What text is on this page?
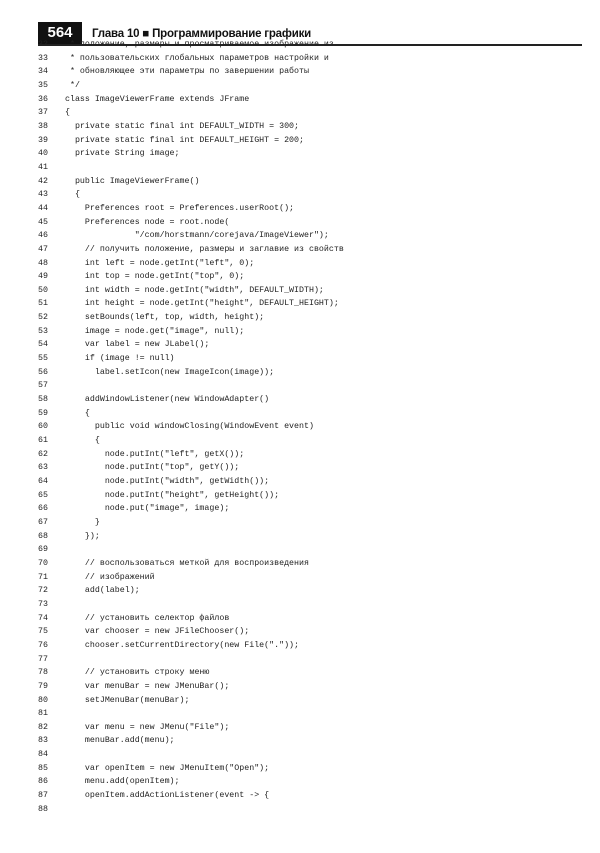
564	Глава 10 ■ Программирование графики
32 * положение, размеры и просматриваемое изображение из
33 * пользовательских глобальных параметров настройки и
34 * обновляющее эти параметры по завершении работы
35 */
36 class ImageViewerFrame extends JFrame
37 {
38  private static final int DEFAULT_WIDTH = 300;
39  private static final int DEFAULT_HEIGHT = 200;
40  private String image;
41
42  public ImageViewerFrame()
43  {
44    Preferences root = Preferences.userRoot();
45    Preferences node = root.node(
46              "/com/horstmann/corejava/ImageViewer");
47    // получить положение, размеры и заглавие из свойств
48    int left = node.getInt("left", 0);
49    int top = node.getInt("top", 0);
50    int width = node.getInt("width", DEFAULT_WIDTH);
51    int height = node.getInt("height", DEFAULT_HEIGHT);
52    setBounds(left, top, width, height);
53    image = node.get("image", null);
54    var label = new JLabel();
55    if (image != null)
56      label.setIcon(new ImageIcon(image));
57
58    addWindowListener(new WindowAdapter()
59    {
60      public void windowClosing(WindowEvent event)
61      {
62        node.putInt("left", getX());
63        node.putInt("top", getY());
64        node.putInt("width", getWidth());
65        node.putInt("height", getHeight());
66        node.put("image", image);
67      }
68    });
69
70    // воспользоваться меткой для воспроизведения
71    // изображений
72    add(label);
73
74    // установить селектор файлов
75    var chooser = new JFileChooser();
76    chooser.setCurrentDirectory(new File("."));
77
78    // установить строку меню
79    var menuBar = new JMenuBar();
80    setJMenuBar(menuBar);
81
82    var menu = new JMenu("File");
83    menuBar.add(menu);
84
85    var openItem = new JMenuItem("Open");
86    menu.add(openItem);
87    openItem.addActionListener(event -> {
88
